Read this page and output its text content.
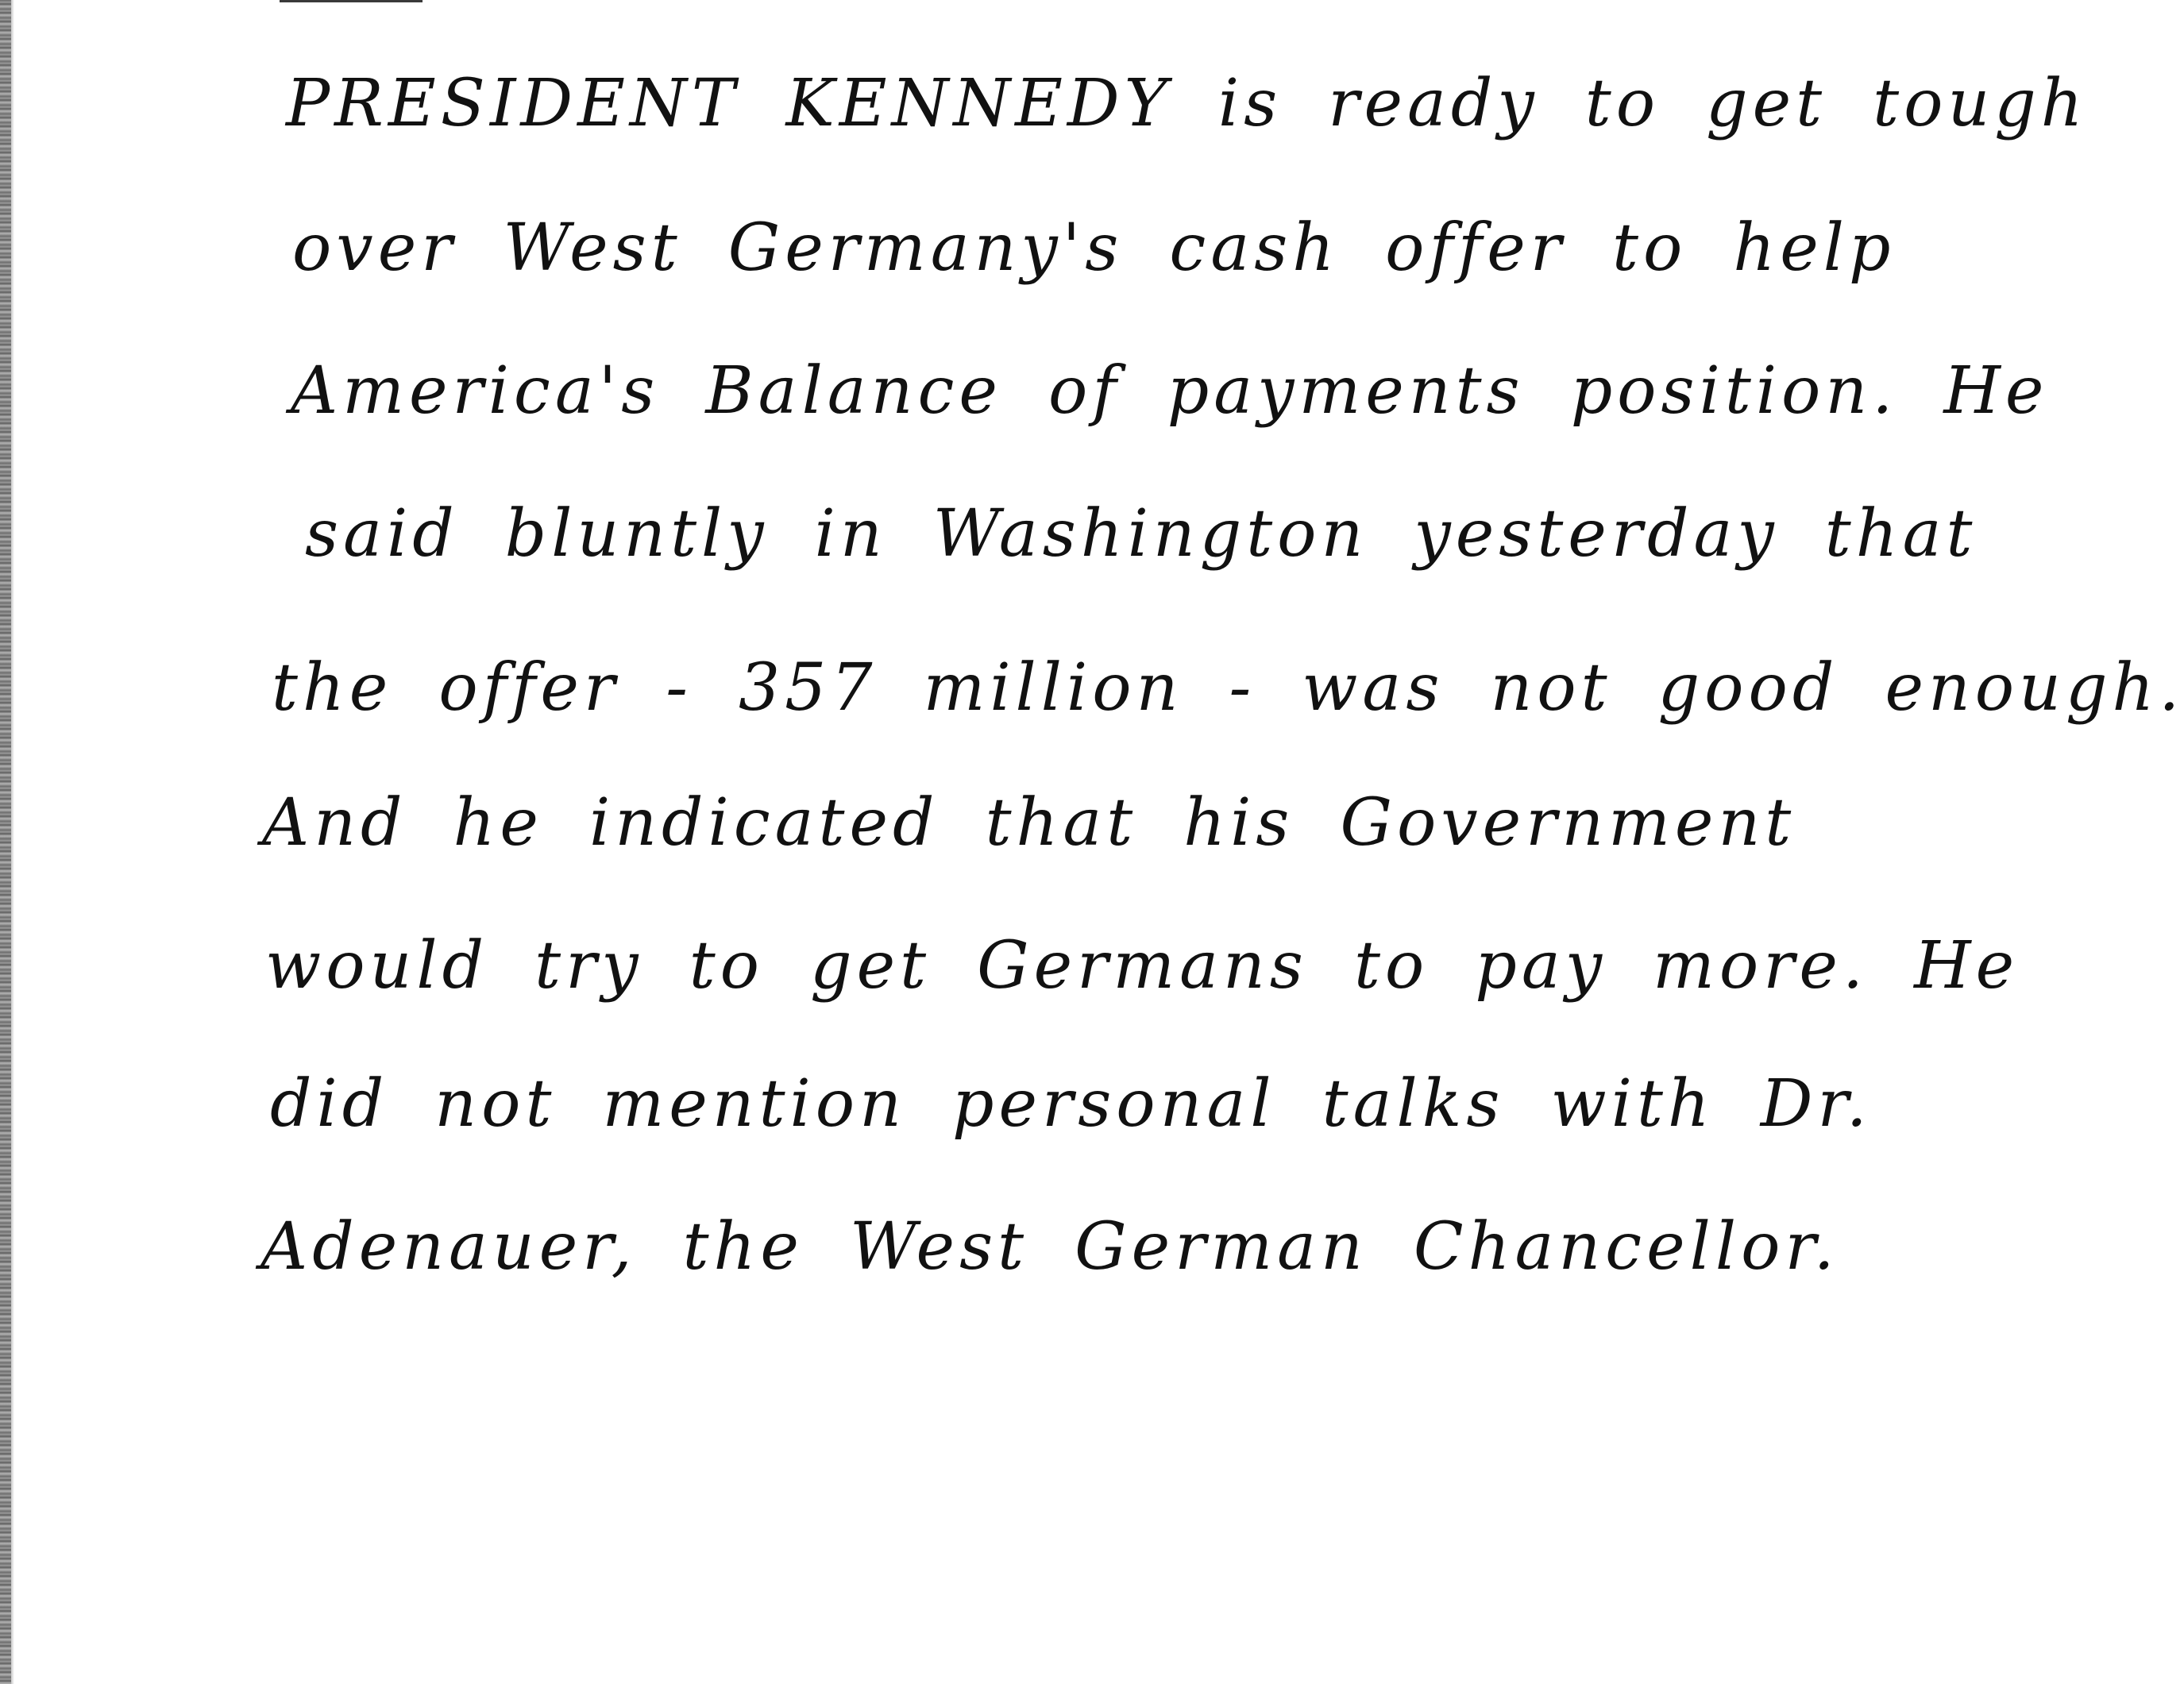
PRESIDENT KENNEDY is ready to get tough

over West Germany's cash offer to help

America's Balance of payments position. He

said bluntly in Washington yesterday that

the offer - 357 million - was not good enough.

And he indicated that his Government

would try to get Germans to pay more. He

did not mention personal talks with Dr.

Adenauer, the West German Chancellor.
